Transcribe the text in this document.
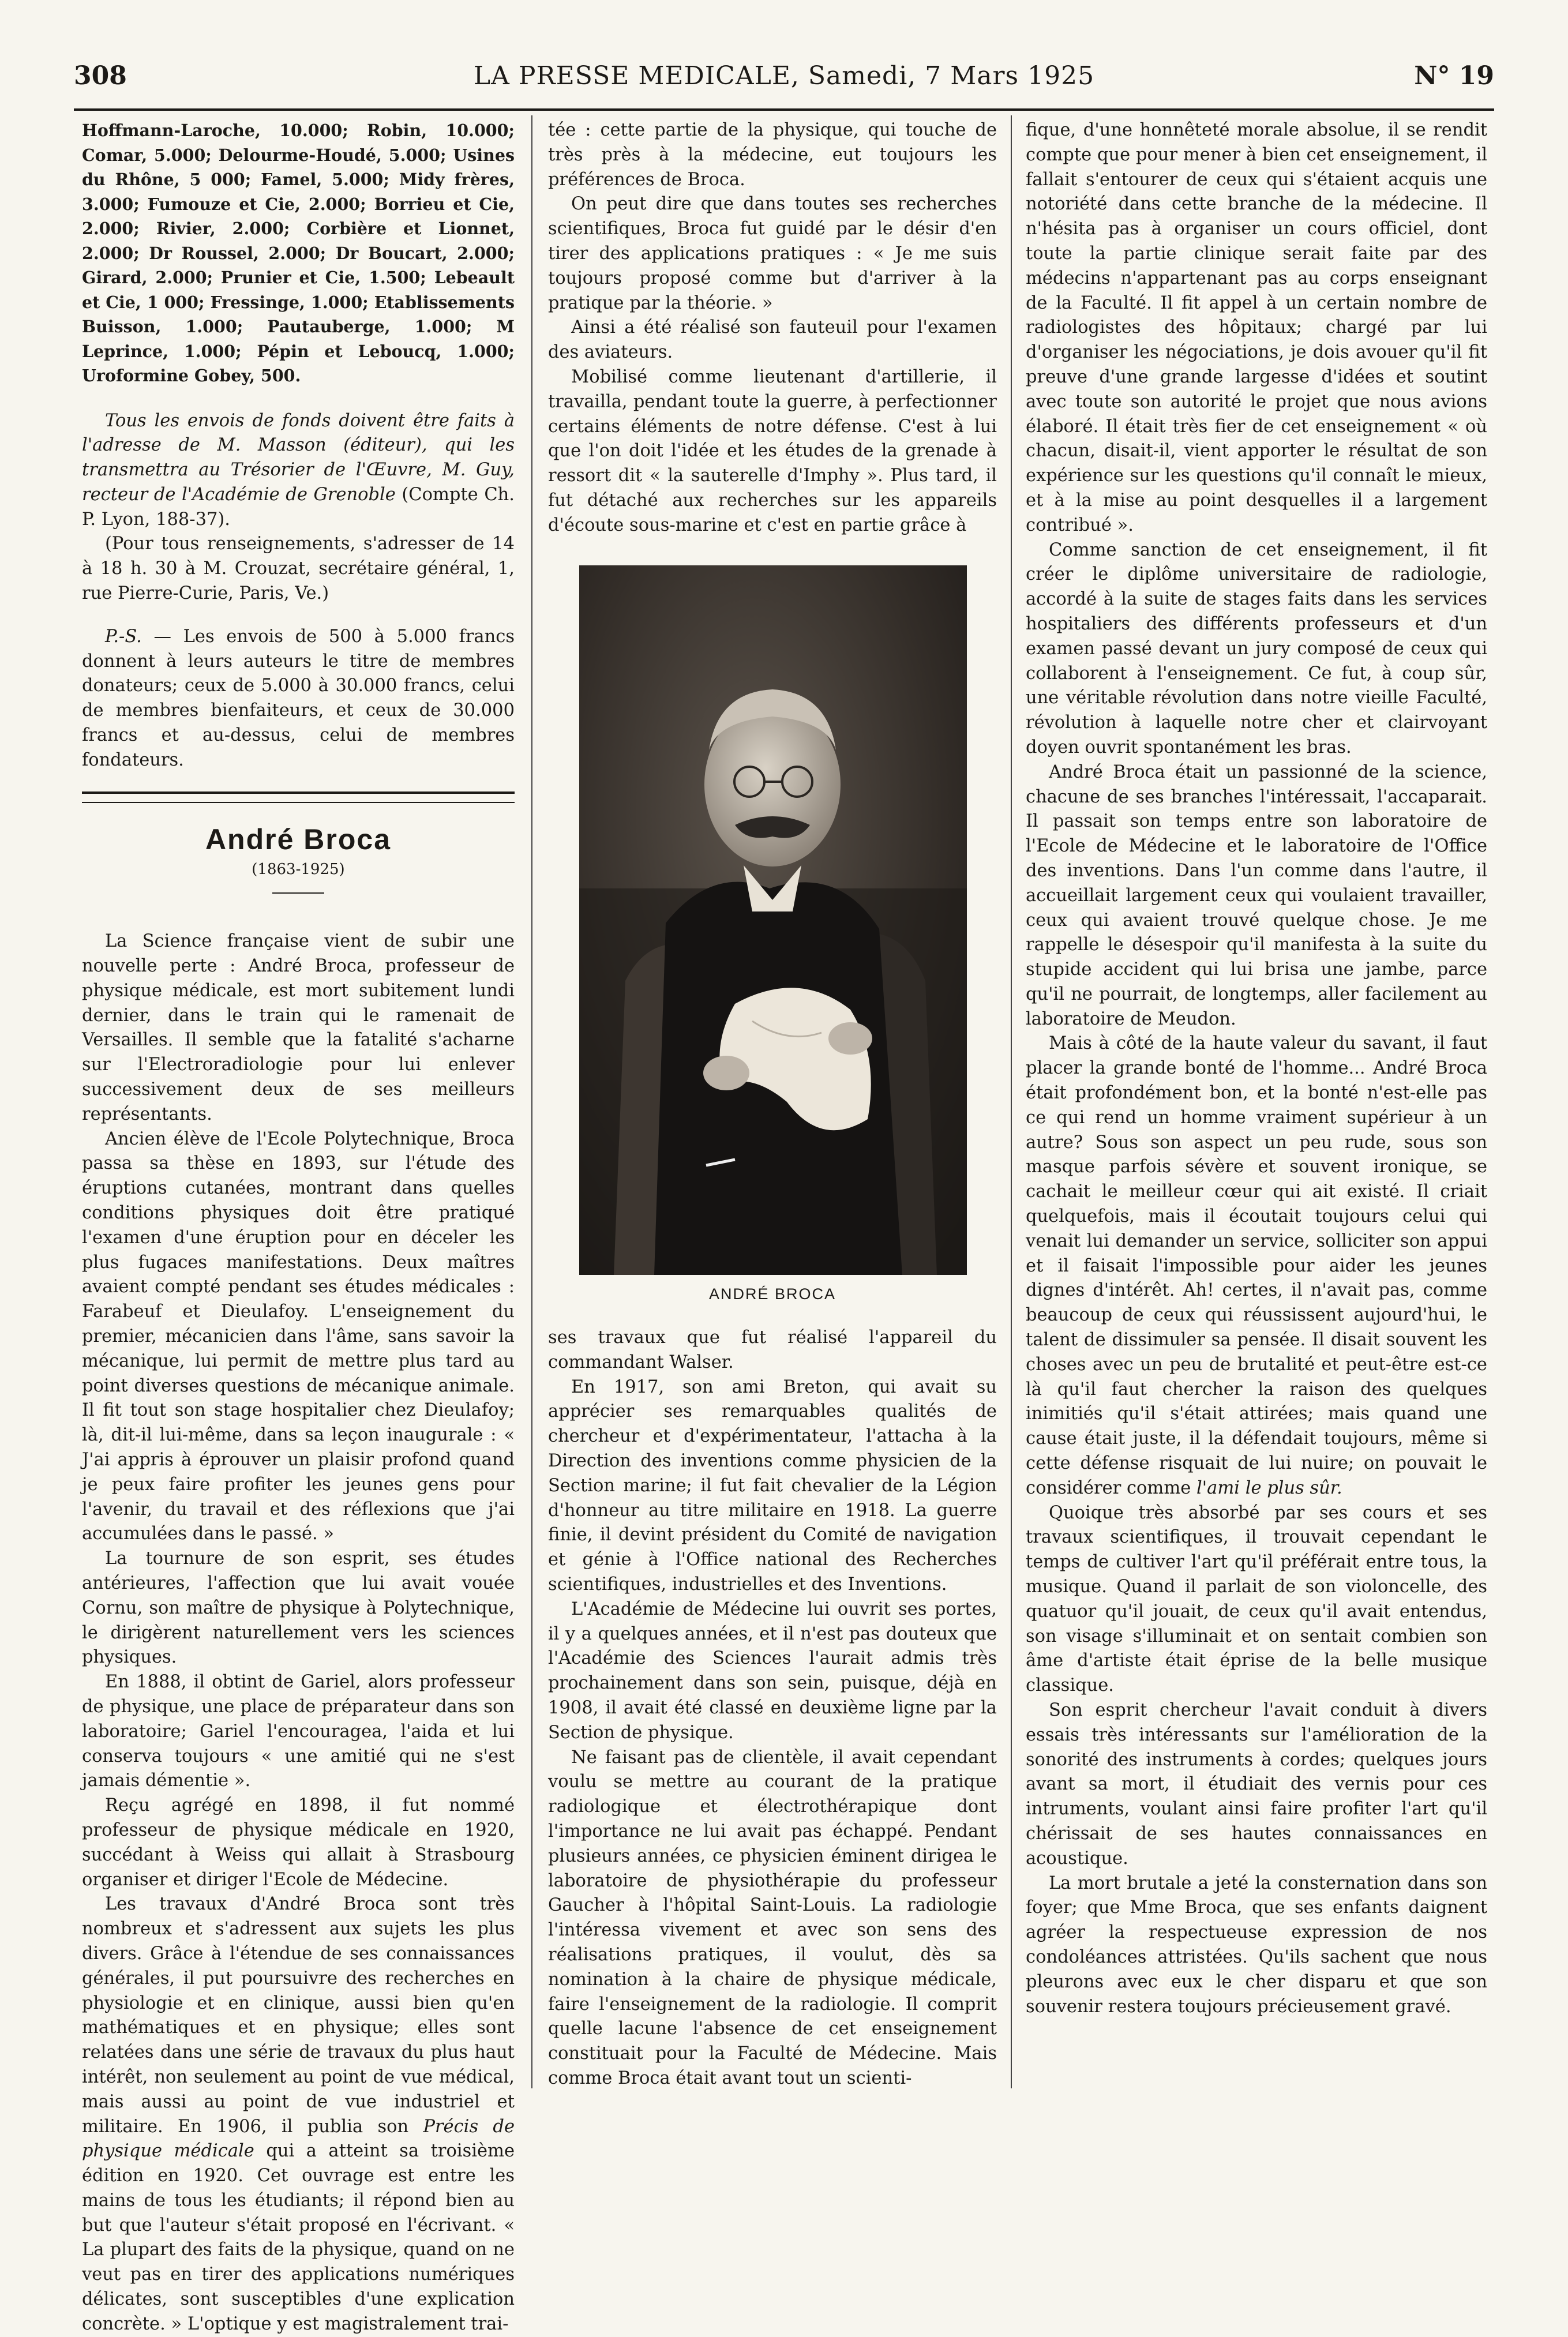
308	LA PRESSE MEDICALE, Samedi, 7 Mars 1925	N° 19

Hoffmann-Laroche, 10.000; Robin, 10.000; Comar, 5.000; Delourme-Houdé, 5.000; Usines du Rhône, 5 000; Famel, 5.000; Midy frères, 3.000; Fumouze et Cie, 2.000; Borrieu et Cie, 2.000; Rivier, 2.000; Corbière et Lionnet, 2.000; Dr Roussel, 2.000; Dr Boucart, 2.000; Girard, 2.000; Prunier et Cie, 1.500; Lebeault et Cie, 1 000; Fressinge, 1.000; Etablissements Buisson, 1.000; Pautauberge, 1.000; M Leprince, 1.000; Pépin et Leboucq, 1.000; Uroformine Gobey, 500.

Tous les envois de fonds doivent être faits à l'adresse de M. Masson (éditeur), qui les transmettra au Trésorier de l'Œuvre, M. Guy, recteur de l'Académie de Grenoble (Compte Ch. P. Lyon, 188-37).

(Pour tous renseignements, s'adresser de 14 à 18 h. 30 à M. Crouzat, secrétaire général, 1, rue Pierre-Curie, Paris, Ve.)

P.-S. — Les envois de 500 à 5.000 francs donnent à leurs auteurs le titre de membres donateurs; ceux de 5.000 à 30.000 francs, celui de membres bienfaiteurs, et ceux de 30.000 francs et au-dessus, celui de membres fondateurs.

André Broca
(1863-1925)

La Science française vient de subir une nouvelle perte : André Broca, professeur de physique médicale, est mort subitement lundi dernier, dans le train qui le ramenait de Versailles. Il semble que la fatalité s'acharne sur l'Electroradiologie pour lui enlever successivement deux de ses meilleurs représentants.

Ancien élève de l'Ecole Polytechnique, Broca passa sa thèse en 1893, sur l'étude des éruptions cutanées, montrant dans quelles conditions physiques doit être pratiqué l'examen d'une éruption pour en déceler les plus fugaces manifestations. Deux maîtres avaient compté pendant ses études médicales : Farabeuf et Dieulafoy. L'enseignement du premier, mécanicien dans l'âme, sans savoir la mécanique, lui permit de mettre plus tard au point diverses questions de mécanique animale. Il fit tout son stage hospitalier chez Dieulafoy; là, dit-il lui-même, dans sa leçon inaugurale : « J'ai appris à éprouver un plaisir profond quand je peux faire profiter les jeunes gens pour l'avenir, du travail et des réflexions que j'ai accumulées dans le passé. »

La tournure de son esprit, ses études antérieures, l'affection que lui avait vouée Cornu, son maître de physique à Polytechnique, le dirigèrent naturellement vers les sciences physiques.

En 1888, il obtint de Gariel, alors professeur de physique, une place de préparateur dans son laboratoire; Gariel l'encouragea, l'aida et lui conserva toujours « une amitié qui ne s'est jamais démentie ».

Reçu agrégé en 1898, il fut nommé professeur de physique médicale en 1920, succédant à Weiss qui allait à Strasbourg organiser et diriger l'Ecole de Médecine.

Les travaux d'André Broca sont très nombreux et s'adressent aux sujets les plus divers. Grâce à l'étendue de ses connaissances générales, il put poursuivre des recherches en physiologie et en clinique, aussi bien qu'en mathématiques et en physique; elles sont relatées dans une série de travaux du plus haut intérêt, non seulement au point de vue médical, mais aussi au point de vue industriel et militaire. En 1906, il publia son Précis de physique médicale qui a atteint sa troisième édition en 1920. Cet ouvrage est entre les mains de tous les étudiants; il répond bien au but que l'auteur s'était proposé en l'écrivant. « La plupart des faits de la physique, quand on ne veut pas en tirer des applications numériques délicates, sont susceptibles d'une explication concrète. » L'optique y est magistralement trai-

tée : cette partie de la physique, qui touche de très près à la médecine, eut toujours les préférences de Broca.

On peut dire que dans toutes ses recherches scientifiques, Broca fut guidé par le désir d'en tirer des applications pratiques : « Je me suis toujours proposé comme but d'arriver à la pratique par la théorie. »

Ainsi a été réalisé son fauteuil pour l'examen des aviateurs.

Mobilisé comme lieutenant d'artillerie, il travailla, pendant toute la guerre, à perfectionner certains éléments de notre défense. C'est à lui que l'on doit l'idée et les études de la grenade à ressort dit « la sauterelle d'Imphy ». Plus tard, il fut détaché aux recherches sur les appareils d'écoute sous-marine et c'est en partie grâce à

ANDRÉ BROCA

ses travaux que fut réalisé l'appareil du commandant Walser.

En 1917, son ami Breton, qui avait su apprécier ses remarquables qualités de chercheur et d'expérimentateur, l'attacha à la Direction des inventions comme physicien de la Section marine; il fut fait chevalier de la Légion d'honneur au titre militaire en 1918. La guerre finie, il devint président du Comité de navigation et génie à l'Office national des Recherches scientifiques, industrielles et des Inventions.

L'Académie de Médecine lui ouvrit ses portes, il y a quelques années, et il n'est pas douteux que l'Académie des Sciences l'aurait admis très prochainement dans son sein, puisque, déjà en 1908, il avait été classé en deuxième ligne par la Section de physique.

Ne faisant pas de clientèle, il avait cependant voulu se mettre au courant de la pratique radiologique et électrothérapique dont l'importance ne lui avait pas échappé. Pendant plusieurs années, ce physicien éminent dirigea le laboratoire de physiothérapie du professeur Gaucher à l'hôpital Saint-Louis. La radiologie l'intéressa vivement et avec son sens des réalisations pratiques, il voulut, dès sa nomination à la chaire de physique médicale, faire l'enseignement de la radiologie. Il comprit quelle lacune l'absence de cet enseignement constituait pour la Faculté de Médecine. Mais comme Broca était avant tout un scienti-

fique, d'une honnêteté morale absolue, il se rendit compte que pour mener à bien cet enseignement, il fallait s'entourer de ceux qui s'étaient acquis une notoriété dans cette branche de la médecine. Il n'hésita pas à organiser un cours officiel, dont toute la partie clinique serait faite par des médecins n'appartenant pas au corps enseignant de la Faculté. Il fit appel à un certain nombre de radiologistes des hôpitaux; chargé par lui d'organiser les négociations, je dois avouer qu'il fit preuve d'une grande largesse d'idées et soutint avec toute son autorité le projet que nous avions élaboré. Il était très fier de cet enseignement « où chacun, disait-il, vient apporter le résultat de son expérience sur les questions qu'il connaît le mieux, et à la mise au point desquelles il a largement contribué ».

Comme sanction de cet enseignement, il fit créer le diplôme universitaire de radiologie, accordé à la suite de stages faits dans les services hospitaliers des différents professeurs et d'un examen passé devant un jury composé de ceux qui collaborent à l'enseignement. Ce fut, à coup sûr, une véritable révolution dans notre vieille Faculté, révolution à laquelle notre cher et clairvoyant doyen ouvrit spontanément les bras.

André Broca était un passionné de la science, chacune de ses branches l'intéressait, l'accaparait. Il passait son temps entre son laboratoire de l'Ecole de Médecine et le laboratoire de l'Office des inventions. Dans l'un comme dans l'autre, il accueillait largement ceux qui voulaient travailler, ceux qui avaient trouvé quelque chose. Je me rappelle le désespoir qu'il manifesta à la suite du stupide accident qui lui brisa une jambe, parce qu'il ne pourrait, de longtemps, aller facilement au laboratoire de Meudon.

Mais à côté de la haute valeur du savant, il faut placer la grande bonté de l'homme... André Broca était profondément bon, et la bonté n'est-elle pas ce qui rend un homme vraiment supérieur à un autre? Sous son aspect un peu rude, sous son masque parfois sévère et souvent ironique, se cachait le meilleur cœur qui ait existé. Il criait quelquefois, mais il écoutait toujours celui qui venait lui demander un service, solliciter son appui et il faisait l'impossible pour aider les jeunes dignes d'intérêt. Ah! certes, il n'avait pas, comme beaucoup de ceux qui réussissent aujourd'hui, le talent de dissimuler sa pensée. Il disait souvent les choses avec un peu de brutalité et peut-être est-ce là qu'il faut chercher la raison des quelques inimitiés qu'il s'était attirées; mais quand une cause était juste, il la défendait toujours, même si cette défense risquait de lui nuire; on pouvait le considérer comme l'ami le plus sûr.

Quoique très absorbé par ses cours et ses travaux scientifiques, il trouvait cependant le temps de cultiver l'art qu'il préférait entre tous, la musique. Quand il parlait de son violoncelle, des quatuor qu'il jouait, de ceux qu'il avait entendus, son visage s'illuminait et on sentait combien son âme d'artiste était éprise de la belle musique classique.

Son esprit chercheur l'avait conduit à divers essais très intéressants sur l'amélioration de la sonorité des instruments à cordes; quelques jours avant sa mort, il étudiait des vernis pour ces intruments, voulant ainsi faire profiter l'art qu'il chérissait de ses hautes connaissances en acoustique.

La mort brutale a jeté la consternation dans son foyer; que Mme Broca, que ses enfants daignent agréer la respectueuse expression de nos condoléances attristées. Qu'ils sachent que nous pleurons avec eux le cher disparu et que son souvenir restera toujours précieusement gravé.
